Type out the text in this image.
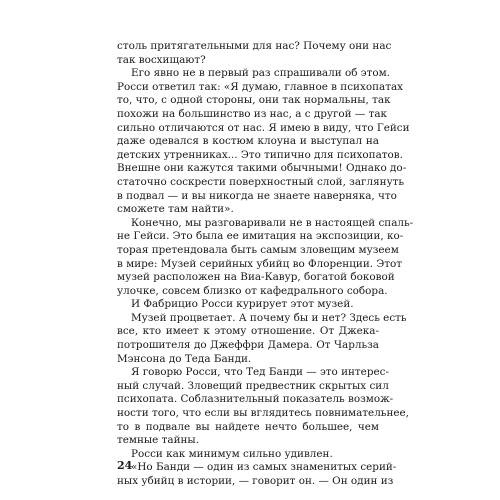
столь притягательными для нас? Почему они нас
так восхищают?
Его явно не в первый раз спрашивали об этом.
Росси ответил так: «Я думаю, главное в психопатах
то, что, с одной стороны, они так нормальны, так
похожи на большинство из нас, а с другой — так
сильно отличаются от нас. Я имею в виду, что Гейси
даже одевался в костюм клоуна и выступал на
детских утренниках... Это типично для психопатов.
Внешне они кажутся такими обычными! Однако до-
статочно соскрести поверхностный слой, заглянуть
в подвал — и вы никогда не знаете наверняка, что
сможете там найти».
Конечно, мы разговаривали не в настоящей спаль-
не Гейси. Это была ее имитация на экспозиции, ко-
торая претендовала быть самым зловещим музеем
в мире: Музей серийных убийц во Флоренции. Этот
музей расположен на Виа-Кавур, богатой боковой
улочке, совсем близко от кафедрального собора.
И Фабрицио Росси курирует этот музей.
Музей процветает. А почему бы и нет? Здесь есть
все, кто имеет к этому отношение. От Джека-
потрошителя до Джеффри Дамера. От Чарльза
Мэнсона до Теда Банди.
Я говорю Росси, что Тед Банди — это интерес-
ный случай. Зловещий предвестник скрытых сил
психопата. Соблазнительный показатель возмож-
ности того, что если вы вглядитесь повнимательнее,
то в подвале вы найдете нечто большее, чем
темные тайны.
Росси как минимум сильно удивлен.
«Но Банди — один из самых знаменитых серий-
ных убийц в истории, — говорит он. — Он один из
24
